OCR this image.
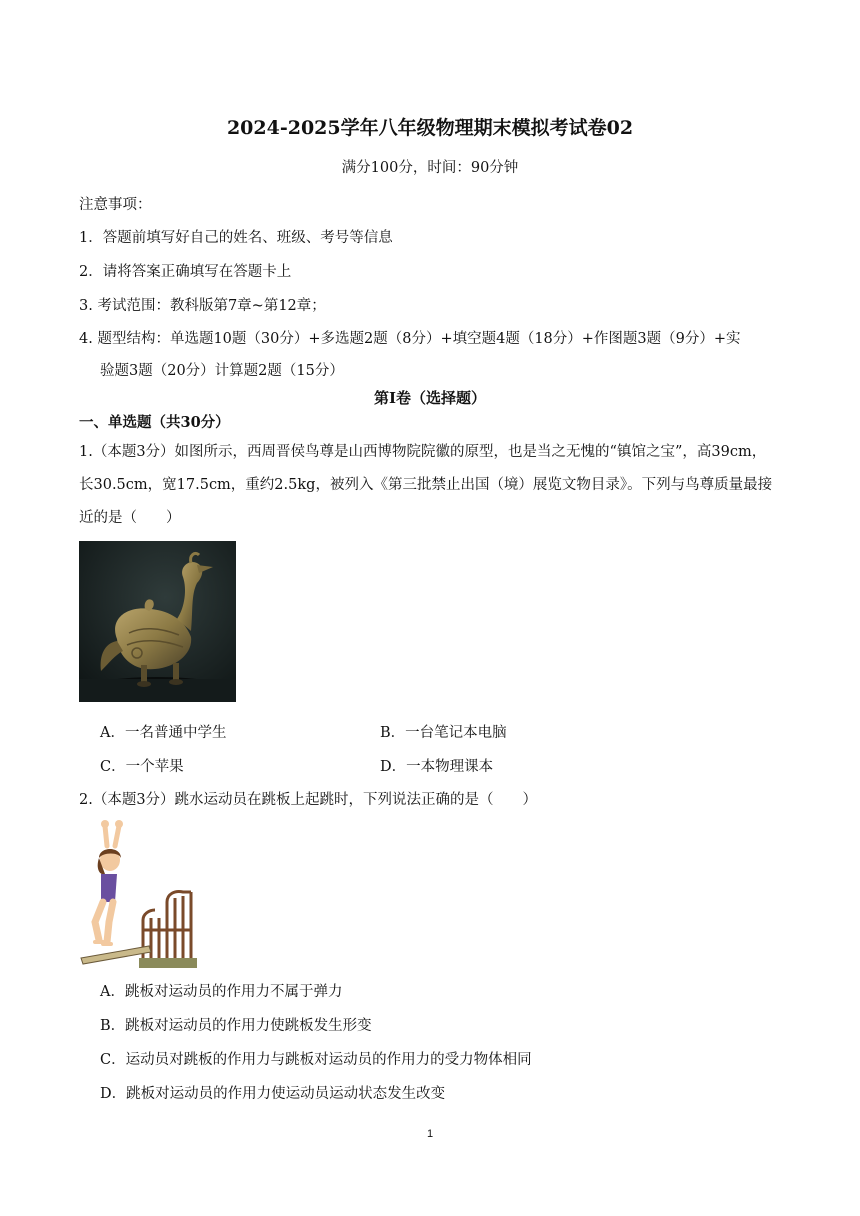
2024-2025学年八年级物理期末模拟考试卷02
满分100分，时间：90分钟
注意事项：
1．答题前填写好自己的姓名、班级、考号等信息
2．请将答案正确填写在答题卡上
3. 考试范围：教科版第7章~第12章；
4. 题型结构：单选题10题（30分）+多选题2题（8分）+填空题4题（18分）+作图题3题（9分）+实
验题3题（20分）计算题2题（15分）
第Ⅰ卷（选择题）
一、单选题（共30分）
1.（本题3分）如图所示，西周晋侯鸟尊是山西博物院院徽的原型，也是当之无愧的“镇馆之宝”，高39cm，
长30.5cm，宽17.5cm，重约2.5kg，被列入《第三批禁止出国（境）展览文物目录》。下列与鸟尊质量最接
近的是（　　）
A．一名普通中学生	B．一台笔记本电脑
C．一个苹果	D．一本物理课本
2.（本题3分）跳水运动员在跳板上起跳时，下列说法正确的是（　　）
A．跳板对运动员的作用力不属于弹力
B．跳板对运动员的作用力使跳板发生形变
C．运动员对跳板的作用力与跳板对运动员的作用力的受力物体相同
D．跳板对运动员的作用力使运动员运动状态发生改变
1
